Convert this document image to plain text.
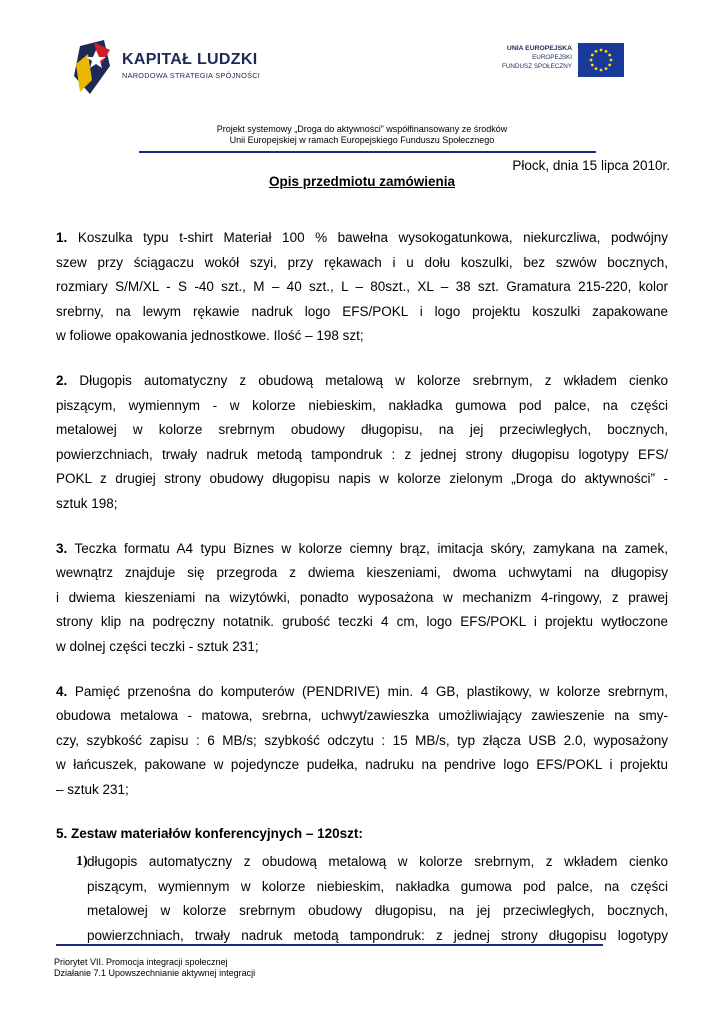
KAPITAŁ LUDZKI
NARODOWA STRATEGIA SPÓJNOŚCI
UNIA EUROPEJSKA
EUROPEJSKI
FUNDUSZ SPOŁECZNY
Projekt systemowy „Droga do aktywności” współfinansowany ze środków
Unii Europejskiej w ramach Europejskiego Funduszu Społecznego
Płock, dnia 15 lipca 2010r.
Opis przedmiotu zamówienia

1. Koszulka typu t-shirt Materiał 100 % bawełna wysokogatunkowa, niekurczliwa, podwójny
szew przy ściągaczu wokół szyi, przy rękawach i u dołu koszulki, bez szwów bocznych,
rozmiary S/M/XL - S -40 szt., M – 40 szt., L – 80szt., XL – 38 szt. Gramatura 215-220, kolor
srebrny, na lewym rękawie nadruk logo EFS/POKL i logo projektu koszulki zapakowane
w foliowe opakowania jednostkowe. Ilość – 198 szt;

2. Długopis automatyczny z obudową metalową w kolorze srebrnym, z wkładem cienko
piszącym, wymiennym - w kolorze niebieskim, nakładka gumowa pod palce, na części
metalowej w kolorze srebrnym obudowy długopisu, na jej przeciwległych, bocznych,
powierzchniach, trwały nadruk metodą tampondruk : z jednej strony długopisu logotypy EFS/
POKL z drugiej strony obudowy długopisu napis w kolorze zielonym „Droga do aktywności” -
sztuk 198;

3. Teczka formatu A4 typu Biznes w kolorze ciemny brąz, imitacja skóry, zamykana na zamek,
wewnątrz znajduje się przegroda z dwiema kieszeniami, dwoma uchwytami na długopisy
i dwiema kieszeniami na wizytówki, ponadto wyposażona w mechanizm 4-ringowy, z prawej
strony klip na podręczny notatnik. grubość teczki 4 cm, logo EFS/POKL i projektu wytłoczone
w dolnej części teczki - sztuk 231;

4. Pamięć przenośna do komputerów (PENDRIVE) min. 4 GB, plastikowy, w kolorze srebrnym,
obudowa metalowa - matowa, srebrna, uchwyt/zawieszka umożliwiający zawieszenie na smy-
czy, szybkość zapisu : 6 MB/s; szybkość odczytu : 15 MB/s, typ złącza USB 2.0, wyposażony
w łańcuszek, pakowane w pojedyncze pudełka, nadruku na pendrive logo EFS/POKL i projektu
– sztuk 231;

5. Zestaw materiałów konferencyjnych – 120szt:
1) długopis automatyczny z obudową metalową w kolorze srebrnym, z wkładem cienko
piszącym, wymiennym w kolorze niebieskim, nakładka gumowa pod palce, na części
metalowej w kolorze srebrnym obudowy długopisu, na jej przeciwległych, bocznych,
powierzchniach, trwały nadruk metodą tampondruk: z jednej strony długopisu logotypy
Priorytet VII. Promocja integracji społecznej
Działanie 7.1 Upowszechnianie aktywnej integracji
